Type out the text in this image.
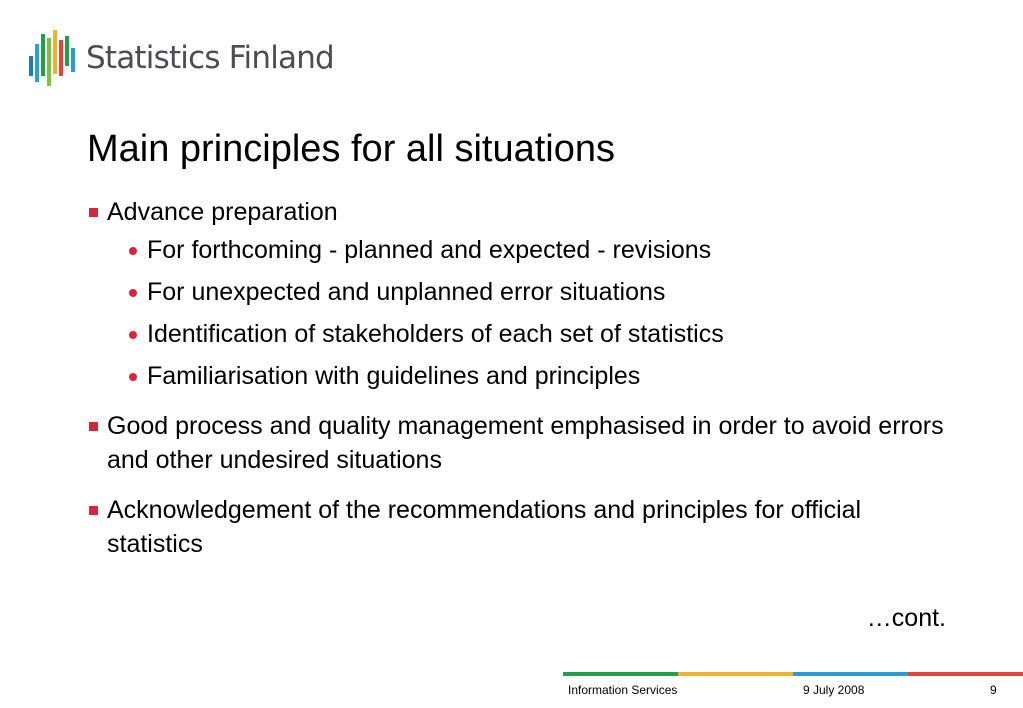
Statistics Finland
Main principles for all situations
Advance preparation
For forthcoming - planned and expected - revisions
For unexpected and unplanned error situations
Identification of stakeholders of each set of statistics
Familiarisation with guidelines and principles
Good process and quality management emphasised in order to avoid errors and other undesired situations
Acknowledgement of the recommendations and principles for official statistics
…cont.
Information Services	9 July 2008	9
